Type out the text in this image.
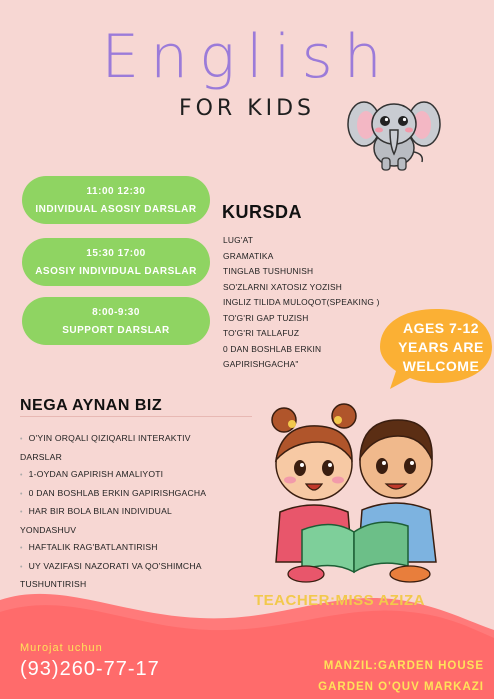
English
FOR KIDS
11:00 12:30
INDIVIDUAL ASOSIY DARSLAR
15:30 17:00
ASOSIY INDIVIDUAL DARSLAR
8:00-9:30
SUPPORT DARSLAR
KURSDA
LUG'AT
GRAMATIKA
TINGLAB TUSHUNISH
SO'ZLARNI XATOSIZ YOZISH
INGLIZ TILIDA MULOQOT(SPEAKING )
TO'G'RI GAP TUZISH
TO'G'RI TALLAFUZ
0 DAN BOSHLAB ERKIN
GAPIRISHGACHA"
AGES 7-12
YEARS ARE
WELCOME
NEGA AYNAN BIZ
• O'YIN ORQALI QIZIQARLI INTERAKTIV
DARSLAR
• 1-OYDAN GAPIRISH AMALIYOTI
• 0 DAN BOSHLAB ERKIN GAPIRISHGACHA
• HAR BIR BOLA BILAN INDIVIDUAL
YONDASHUV
• HAFTALIK RAG'BATLANTIRISH
• UY VAZIFASI NAZORATI VA QO'SHIMCHA
TUSHUNTIRISH
TEACHER:MISS AZIZA
Murojat uchun
(93)260-77-17	MANZIL:GARDEN HOUSE
GARDEN O'QUV MARKAZI
